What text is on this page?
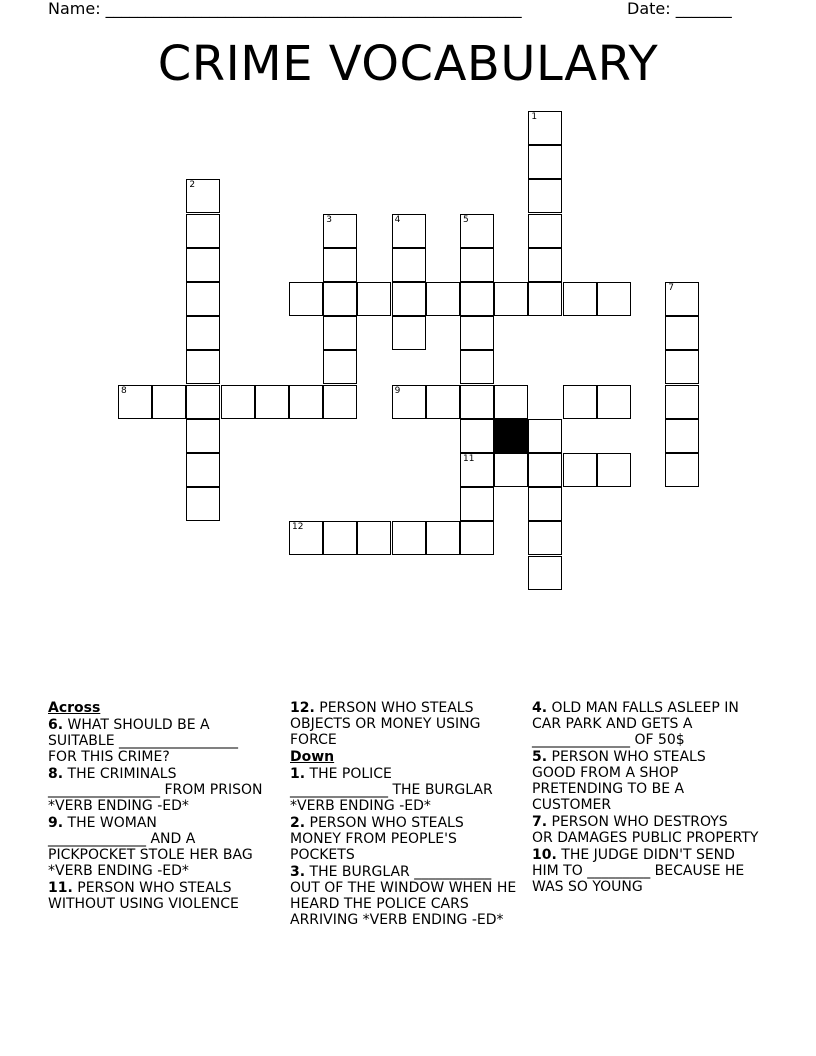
Name: ____________________________________________________	Date: _______
CRIME VOCABULARY
1
2
3	4	5
11
7
8	9
12
Across
6. WHAT SHOULD BE A
SUITABLE _________________
FOR THIS CRIME?
8. THE CRIMINALS
________________ FROM PRISON
*VERB ENDING -ED*
9. THE WOMAN
______________ AND A
PICKPOCKET STOLE HER BAG
*VERB ENDING -ED*
11. PERSON WHO STEALS
WITHOUT USING VIOLENCE
12. PERSON WHO STEALS
OBJECTS OR MONEY USING
FORCE
Down
1. THE POLICE
______________ THE BURGLAR
*VERB ENDING -ED*
2. PERSON WHO STEALS
MONEY FROM PEOPLE'S
POCKETS
3. THE BURGLAR ___________
OUT OF THE WINDOW WHEN HE
HEARD THE POLICE CARS
ARRIVING *VERB ENDING -ED*
4. OLD MAN FALLS ASLEEP IN
CAR PARK AND GETS A
______________ OF 50$
5. PERSON WHO STEALS
GOOD FROM A SHOP
PRETENDING TO BE A
CUSTOMER
7. PERSON WHO DESTROYS
OR DAMAGES PUBLIC PROPERTY
10. THE JUDGE DIDN'T SEND
HIM TO _________ BECAUSE HE
WAS SO YOUNG
